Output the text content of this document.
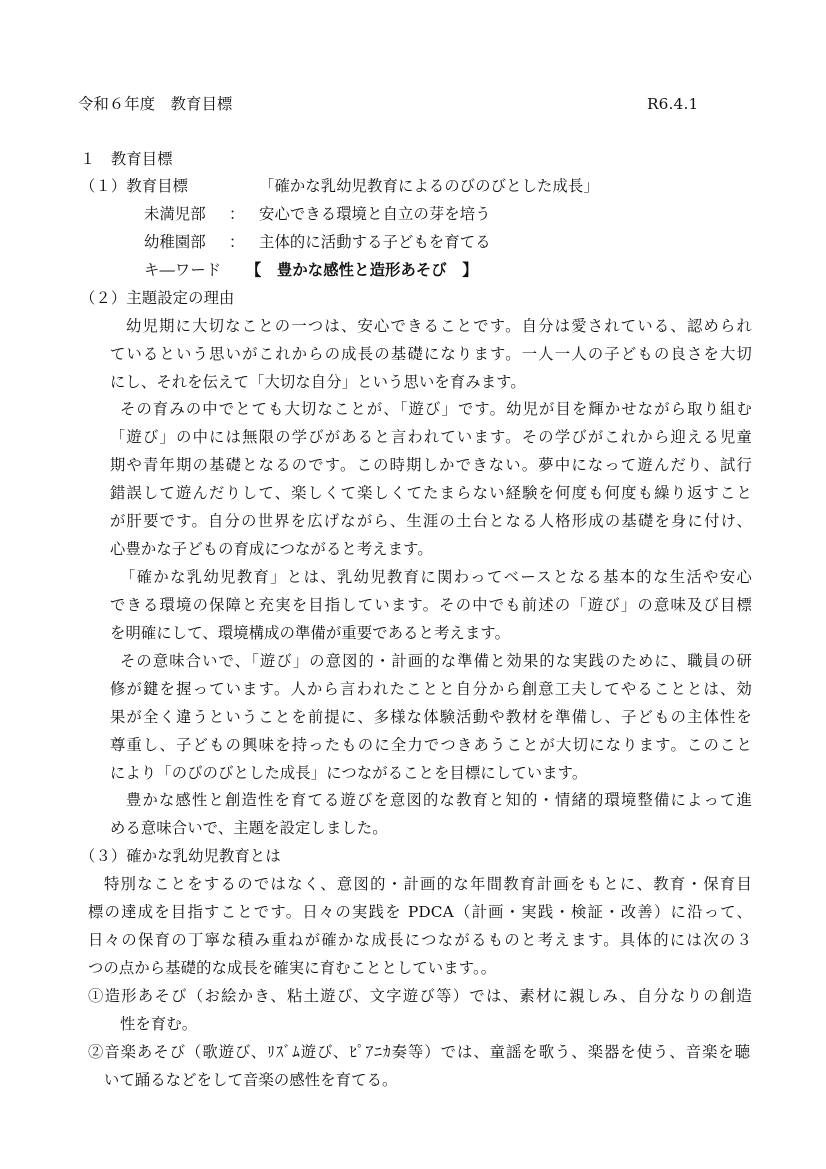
令和６年度　教育目標	R6.4.1
１　教育目標
（１）教育目標	「確かな乳幼児教育によるのびのびとした成長」
未満児部 ： 安心できる環境と自立の芽を培う
幼稚園部 ： 主体的に活動する子どもを育てる
キ―ワード 【　豊かな感性と造形あそび　】
（２）主題設定の理由
幼児期に大切なことの一つは、安心できることです。自分は愛されている、認められ
ているという思いがこれからの成長の基礎になります。一人一人の子どもの良さを大切
にし、それを伝えて「大切な自分」という思いを育みます。
その育みの中でとても大切なことが、「遊び」です。幼児が目を輝かせながら取り組む
「遊び」の中には無限の学びがあると言われています。その学びがこれから迎える児童
期や青年期の基礎となるのです。この時期しかできない。夢中になって遊んだり、試行
錯誤して遊んだりして、楽しくて楽しくてたまらない経験を何度も何度も繰り返すこと
が肝要です。自分の世界を広げながら、生涯の土台となる人格形成の基礎を身に付け、
心豊かな子どもの育成につながると考えます。
「確かな乳幼児教育」とは、乳幼児教育に関わってベースとなる基本的な生活や安心
できる環境の保障と充実を目指しています。その中でも前述の「遊び」の意味及び目標
を明確にして、環境構成の準備が重要であると考えます。
その意味合いで、「遊び」の意図的・計画的な準備と効果的な実践のために、職員の研
修が鍵を握っています。人から言われたことと自分から創意工夫してやることとは、効
果が全く違うということを前提に、多様な体験活動や教材を準備し、子どもの主体性を
尊重し、子どもの興味を持ったものに全力でつきあうことが大切になります。このこと
により「のびのびとした成長」につながることを目標にしています。
豊かな感性と創造性を育てる遊びを意図的な教育と知的・情緒的環境整備によって進
める意味合いで、主題を設定しました。
（３）確かな乳幼児教育とは
特別なことをするのではなく、意図的・計画的な年間教育計画をもとに、教育・保育目
標の達成を目指すことです。日々の実践を PDCA（計画・実践・検証・改善）に沿って、
日々の保育の丁寧な積み重ねが確かな成長につながるものと考えます。具体的には次の３
つの点から基礎的な成長を確実に育むこととしています。。
①造形あそび（お絵かき、粘土遊び、文字遊び等）では、素材に親しみ、自分なりの創造
性を育む。
②音楽あそび（歌遊び、ﾘｽﾞﾑ遊び、ﾋﾟｱﾆｶ奏等）では、童謡を歌う、楽器を使う、音楽を聴
いて踊るなどをして音楽の感性を育てる。
